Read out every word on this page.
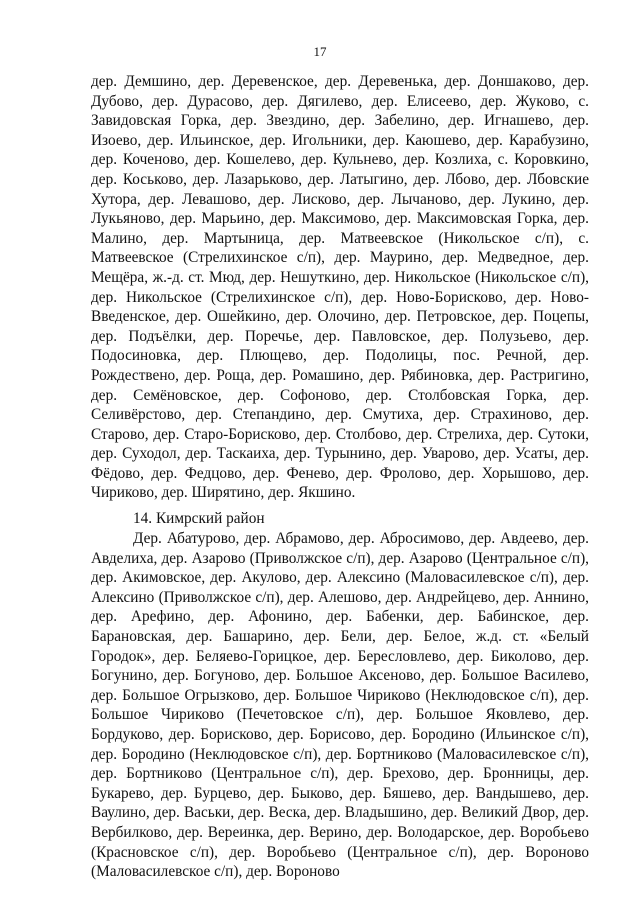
17

дер. Демшино, дер. Деревенское, дер. Деревенька, дер. Доншаково, дер. Дубово, дер. Дурасово, дер. Дягилево, дер. Елисеево, дер. Жуково, с. Завидовская Горка, дер. Звездино, дер. Забелино, дер. Игнашево, дер. Изоево, дер. Ильинское, дер. Игольники, дер. Каюшево, дер. Карабузино, дер. Коченово, дер. Кошелево, дер. Кульнево, дер. Козлиха, с. Коровкино, дер. Коськово, дер. Лазарьково, дер. Латыгино, дер. Лбово, дер. Лбовские Хутора, дер. Левашово, дер. Лисково, дер. Лычаново, дер. Лукино, дер. Лукьяново, дер. Марьино, дер. Максимово, дер. Максимовская Горка, дер. Малино, дер. Мартыница, дер. Матвеевское (Никольское с/п), с. Матвеевское (Стрелихинское с/п), дер. Маурино, дер. Медведное, дер. Мещёра, ж.-д. ст. Мюд, дер. Нешуткино, дер. Никольское (Никольское с/п), дер. Никольское (Стрелихинское с/п), дер. Ново-Борисково, дер. Ново-Введенское, дер. Ошейкино, дер. Олочино, дер. Петровское, дер. Поцепы, дер. Подъёлки, дер. Поречье, дер. Павловское, дер. Полузьево, дер. Подосиновка, дер. Плющево, дер. Подолицы, пос. Речной, дер. Рождествено, дер. Роща, дер. Ромашино, дер. Рябиновка, дер. Растригино, дер. Семёновское, дер. Софоново, дер. Столбовская Горка, дер. Селивёрстово, дер. Степандино, дер. Смутиха, дер. Страхиново, дер. Старово, дер. Старо-Борисково, дер. Столбово, дер. Стрелиха, дер. Сутоки, дер. Суходол, дер. Таскаиха, дер. Турынино, дер. Уварово, дер. Усаты, дер. Фёдово, дер. Федцово, дер. Фенево, дер. Фролово, дер. Хорышово, дер. Чириково, дер. Ширятино, дер. Якшино.

14. Кимрский район

Дер. Абатурово, дер. Абрамово, дер. Абросимово, дер. Авдеево, дер. Авделиха, дер. Азарово (Приволжское с/п), дер. Азарово (Центральное с/п), дер. Акимовское, дер. Акулово, дер. Алексино (Маловасилевское с/п), дер. Алексино (Приволжское с/п), дер. Алешово, дер. Андрейцево, дер. Аннино, дер. Арефино, дер. Афонино, дер. Бабенки, дер. Бабинское, дер. Барановская, дер. Башарино, дер. Бели, дер. Белое, ж.д. ст. «Белый Городок», дер. Беляево-Горицкое, дер. Бересловлево, дер. Биколово, дер. Богунино, дер. Богуново, дер. Большое Аксеново, дер. Большое Василево, дер. Большое Огрызково, дер. Большое Чириково (Неклюдовское с/п), дер. Большое Чириково (Печетовское с/п), дер. Большое Яковлево, дер. Бордуково, дер. Борисково, дер. Борисово, дер. Бородино (Ильинское с/п), дер. Бородино (Неклюдовское с/п), дер. Бортниково (Маловасилевское с/п), дер. Бортниково (Центральное с/п), дер. Брехово, дер. Бронницы, дер. Букарево, дер. Бурцево, дер. Быково, дер. Бяшево, дер. Вандышево, дер. Ваулино, дер. Васьки, дер. Веска, дер. Владышино, дер. Великий Двор, дер. Вербилково, дер. Вереинка, дер. Верино, дер. Володарское, дер. Воробьево (Красновское с/п), дер. Воробьево (Центральное с/п), дер. Вороново (Маловасилевское с/п), дер. Вороново
